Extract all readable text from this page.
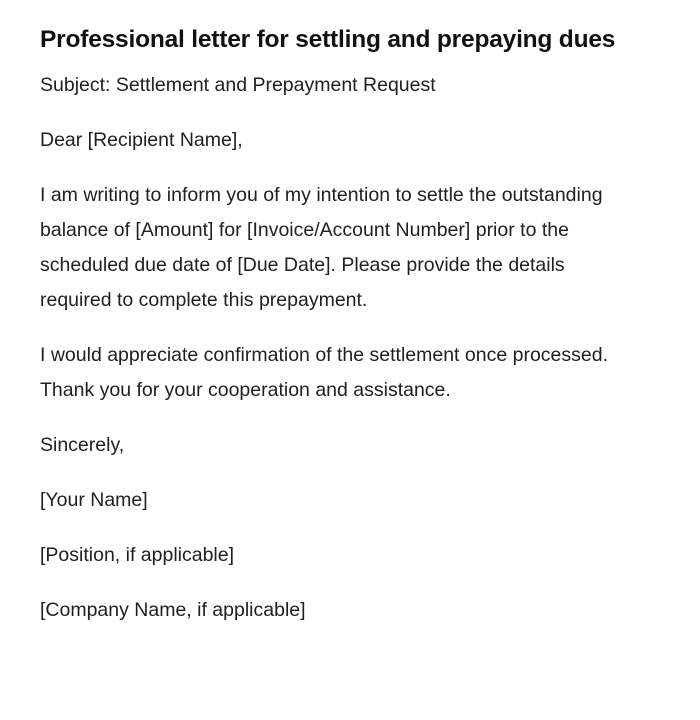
Professional letter for settling and prepaying dues

Subject: Settlement and Prepayment Request

Dear [Recipient Name],

I am writing to inform you of my intention to settle the outstanding balance of [Amount] for [Invoice/Account Number] prior to the scheduled due date of [Due Date]. Please provide the details required to complete this prepayment.

I would appreciate confirmation of the settlement once processed. Thank you for your cooperation and assistance.

Sincerely,

[Your Name]

[Position, if applicable]

[Company Name, if applicable]
